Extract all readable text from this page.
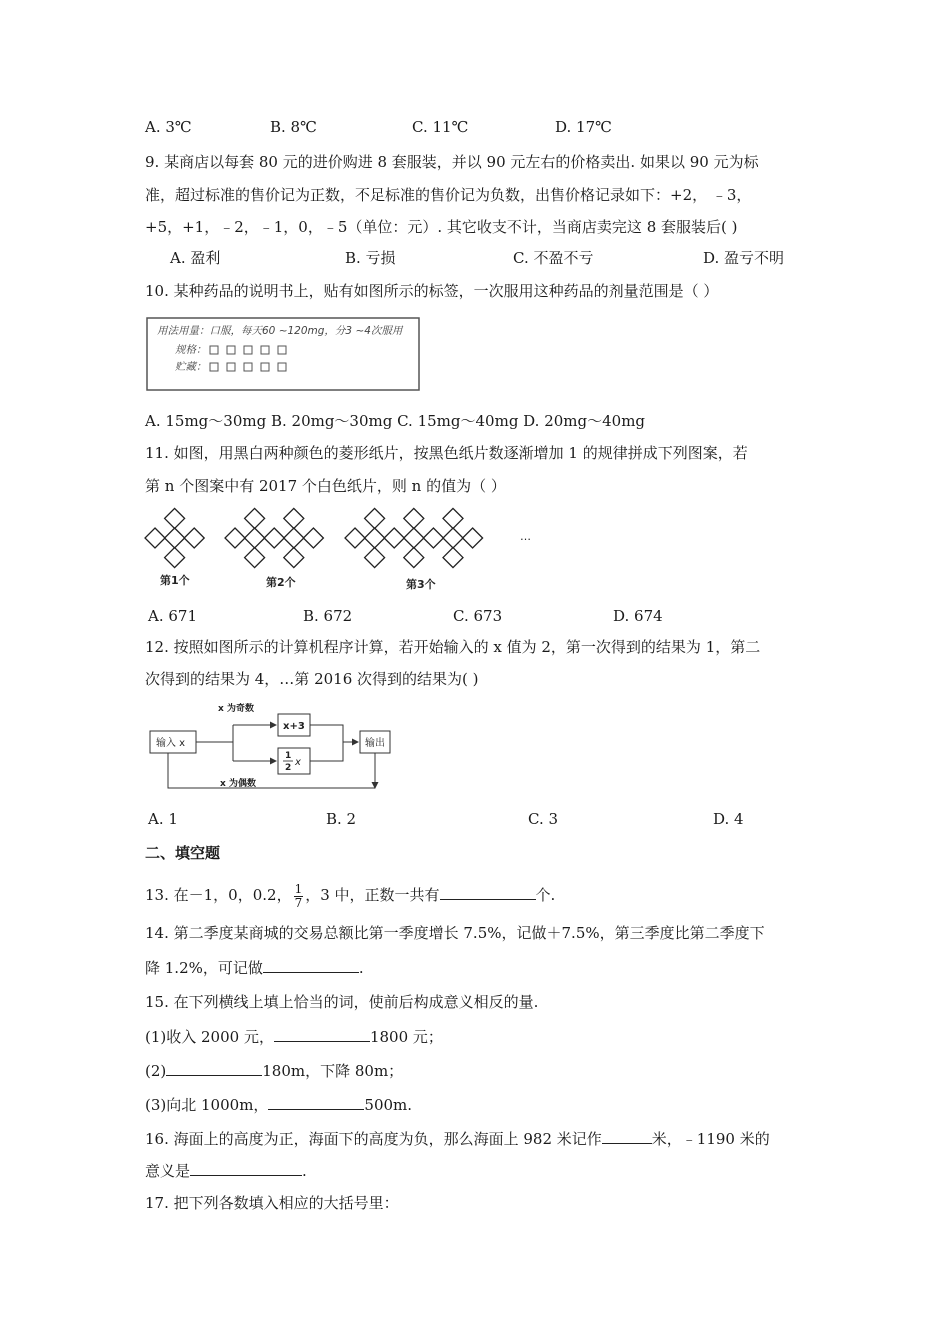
A. 3℃	B. 8℃	C. 11℃	D. 17℃
9. 某商店以每套 80 元的进价购进 8 套服装，并以 90 元左右的价格卖出. 如果以 90 元为标
准，超过标准的售价记为正数，不足标准的售价记为负数，出售价格记录如下：+2， ﹣3，
+5，+1，﹣2，﹣1，0，﹣5（单位：元）. 其它收支不计，当商店卖完这 8 套服装后( )
A. 盈利	B. 亏损	C. 不盈不亏	D. 盈亏不明
10. 某种药品的说明书上，贴有如图所示的标签，一次服用这种药品的剂量范围是（ ）
用法用量：口服，每天60 ~120mg，分3 ~4次服用
规格：
贮藏：
A. 15mg～30mg B. 20mg～30mg C. 15mg～40mg D. 20mg～40mg
11. 如图，用黑白两种颜色的菱形纸片，按黑色纸片数逐渐增加 1 的规律拼成下列图案，若
第 n 个图案中有 2017 个白色纸片，则 n 的值为（ ）
第1个	第2个	第3个
…
A. 671	B. 672	C. 673	D. 674
12. 按照如图所示的计算机程序计算，若开始输入的 x 值为 2，第一次得到的结果为 1，第二
次得到的结果为 4，…第 2016 次得到的结果为( )
输入 x
x 为奇数
x 为偶数
x+3
1
2 x
输出
A. 1	B. 2	C. 3	D. 4
二、填空题
13. 在－1，0，0.2， $\frac{1}{7}$ ，3 中，正数一共有	个.
14. 第二季度某商城的交易总额比第一季度增长 7.5%，记做＋7.5%，第三季度比第二季度下
降 1.2%，可记做	.
15. 在下列横线上填上恰当的词，使前后构成意义相反的量.
(1)收入 2000 元，	1800 元；
(2)	180m，下降 80m；
(3)向北 1000m，	500m.
16. 海面上的高度为正，海面下的高度为负，那么海面上 982 米记作	米，﹣1190 米的
意义是	.
17. 把下列各数填入相应的大括号里：
